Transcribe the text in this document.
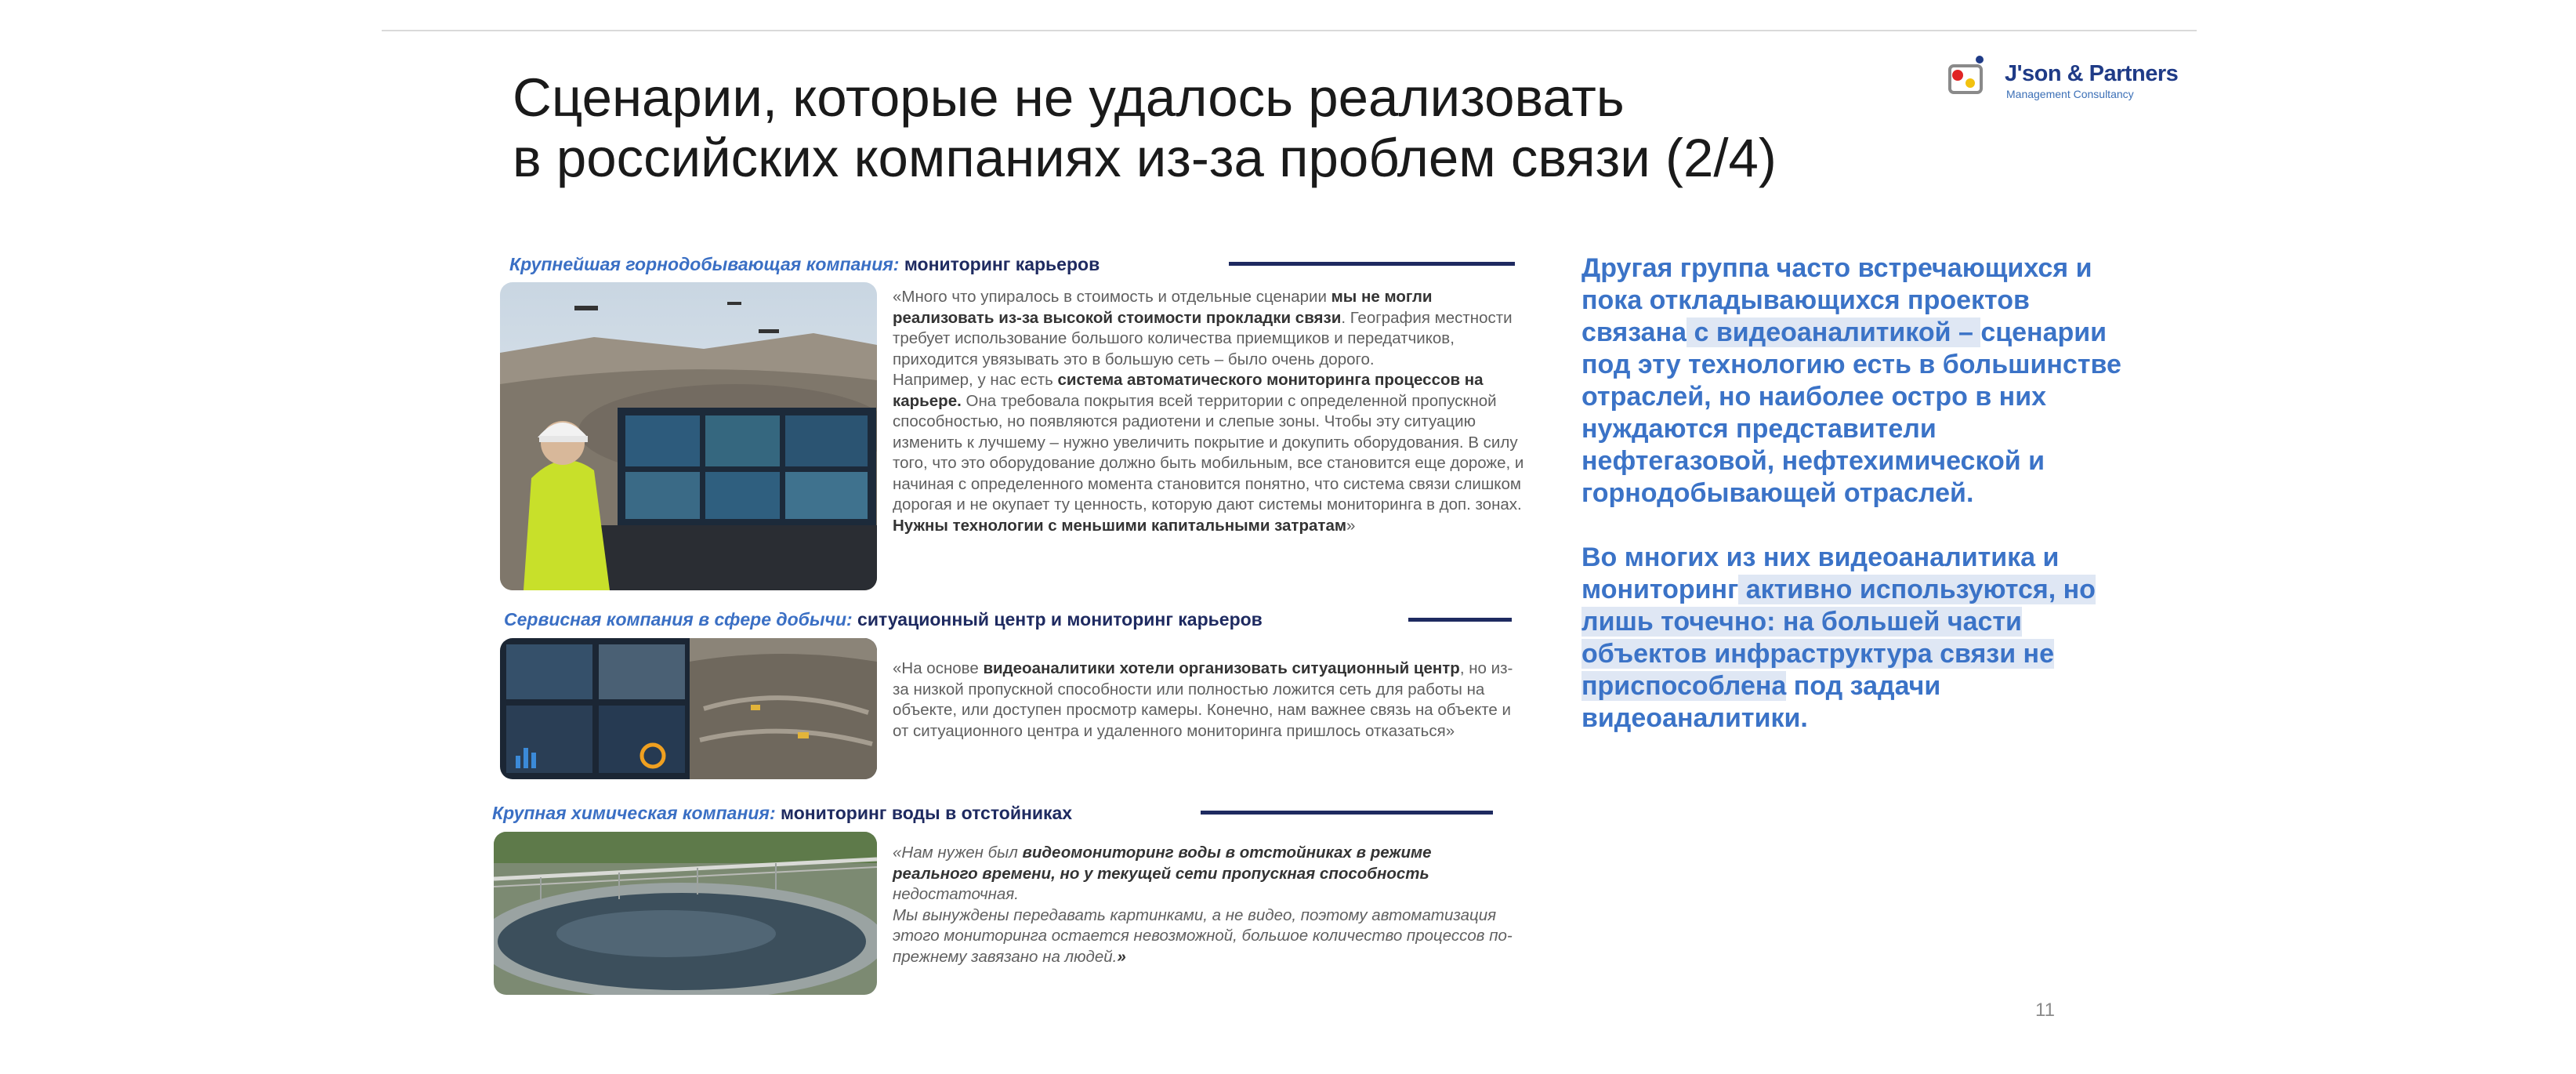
Сценарии, которые не удалось реализовать
в российских компаниях из-за проблем связи (2/4)
J'son & Partners
Management Consultancy
Крупнейшая горнодобывающая компания: мониторинг карьеров

«Много что упиралось в стоимость и отдельные сценарии мы не могли реализовать из-за высокой стоимости прокладки связи. География местности требует использование большого количества приемщиков и передатчиков, приходится увязывать это в большую сеть – было очень дорого.

Например, у нас есть система автоматического мониторинга процессов на карьере. Она требовала покрытия всей территории с определенной пропускной способностью, но появляются радиотени и слепые зоны. Чтобы эту ситуацию изменить к лучшему – нужно увеличить покрытие и докупить оборудования. В силу того, что это оборудование должно быть мобильным, все становится еще дороже, и начиная с определенного момента становится понятно, что система связи слишком дорогая и не окупает ту ценность, которую дают системы мониторинга в доп. зонах. Нужны технологии с меньшими капитальными затратам»

Сервисная компания в сфере добычи: ситуационный центр и мониторинг карьеров

«На основе видеоаналитики хотели организовать ситуационный центр, но из-за низкой пропускной способности или полностью ложится сеть для работы на объекте, или доступен просмотр камеры. Конечно, нам важнее связь на объекте и от ситуационного центра и удаленного мониторинга пришлось отказаться»

Крупная химическая компания: мониторинг воды в отстойниках

«Нам нужен был видеомониторинг воды в отстойниках в режиме реального времени, но у текущей сети пропускная способность недостаточная.

Мы вынуждены передавать картинками, а не видео, поэтому автоматизация этого мониторинга остается невозможной, большое количество процессов по-прежнему завязано на людей.»

Другая группа часто встречающихся и пока откладывающихся проектов связана с видеоаналитикой – сценарии под эту технологию есть в большинстве отраслей, но наиболее остро в них нуждаются представители нефтегазовой, нефтехимической и горнодобывающей отраслей.

Во многих из них видеоаналитика и мониторинг активно используются, но лишь точечно: на большей части объектов инфраструктура связи не приспособлена под задачи видеоаналитики.

11
